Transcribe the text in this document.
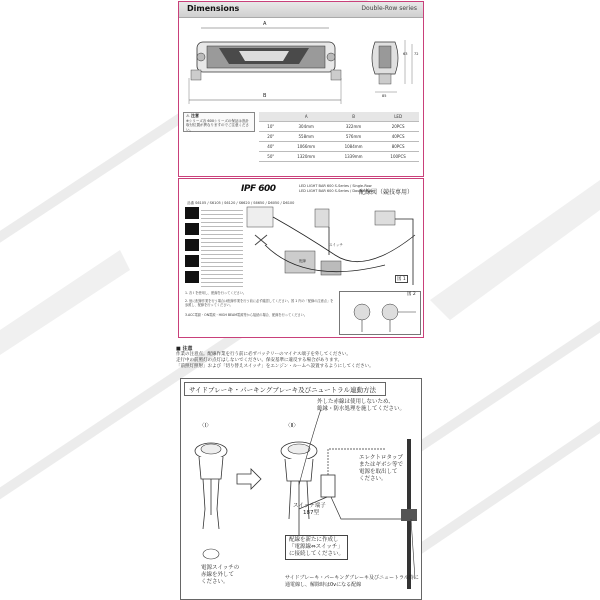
Dimensions	Double-Row series
A
B
63 72
85
⚠ 注意
※シリーズ各 600シリーズの保証は設計 取付位置が異なりますのでご注意ください。
	A	B	LED
10"	304mm	322mm	20PCS
20"	558mm	576mm	40PCS
40"	1066mm	1084mm	80PCS
50"	1320mm	1339mm	100PCS
IPF 600	LED LIGHT BAR 600 S-Series / Single-Row
LED LIGHT BAR 600 S-Series / Double-Row
配線図（競技専用）
品番 S6105 / S6105 / S6120 / S6620 / S6650 / D6050 / D6100
図 1
配線
スイッチ
1. 各 I を使用し、配線を行ってください。
2. 他に配線作業を行う場合は配線作業を行う前に必ず確認してください。図 1 内の「配線の注意点」を参照し、配線を行ってください。
3.ACC電源・ON電源・HIGH BEAM電源等から接続の場合、配線を行ってください。
図 2
■ 注意
作業の注意点。配線作業を行う前に必ずバッテリーのマイナス端子を外してください。
走行中の前照灯の点灯はしないでください。保安基準に違反する場合があります。
「前照灯照射」および「切り替えスイッチ」をエンジン・ルームへ設置するようにしてください。
サイドブレーキ・パーキングブレーキ及びニュートラル連動方法
〈Ⅰ〉	〈Ⅱ〉
外した赤線は使用しないため、
絶縁・防水処理を施してください。
エレクトロタップ
またはギボシ等で
電源を取出して
ください。
スイッチ端子
187型
電源スイッチの
赤線を外して
ください。
配線を新たに作成し
「電源線⇔スイッチ」
に接続してください。
サイドブレーキ・パーキングブレーキ及びニュートラル時に
通電線し、解除時は0vになる配線
